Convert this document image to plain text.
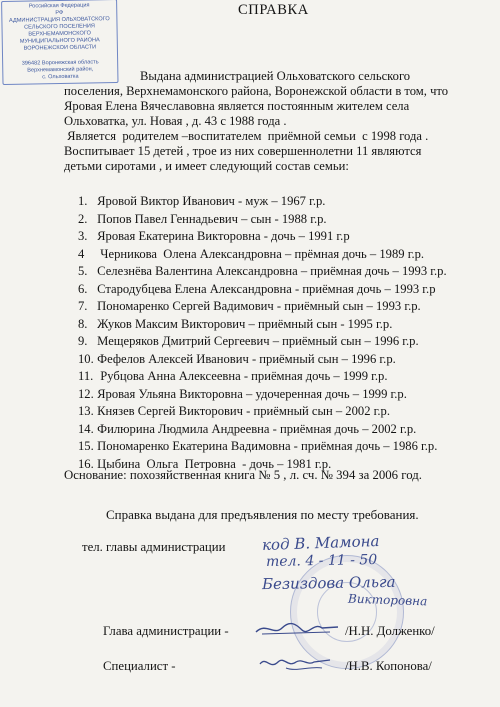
Российская Федерация
РФ
АДМИНИСТРАЦИЯ ОЛЬХОВАТСКОГО
СЕЛЬСКОГО ПОСЕЛЕНИЯ
ВЕРХНЕМАМОНСКОГО
МУНИЦИПАЛЬНОГО РАЙОНА
ВОРОНЕЖСКОЙ ОБЛАСТИ
396482 Воронежская область
Верхнемамонский район,
с. Ольховатка
СПРАВКА

Выдана администрацией Ольховатского сельского

поселения, Верхнемамонского района, Воронежской области в том, что

Яровая Елена Вячеславовна является постоянным жителем села

Ольховатка, ул. Новая , д. 43 с 1988 года .

Является  родителем –воспитателем  приёмной семьи  с 1998 года .

Воспитывает 15 детей , трое из них совершеннолетни 11 являются

детьми сиротами , и имеет следующий состав семьи:

1. Яровой Виктор Иванович - муж – 1967 г.р.
2. Попов Павел Геннадьевич – сын - 1988 г.р.
3. Яровая Екатерина Викторовна - дочь – 1991 г.р
4  Черникова  Олена Александровна – прёмная дочь – 1989 г.р.
5. Селезнёва Валентина Александровна – приёмная дочь – 1993 г.р.
6. Стародубцева Елена Александровна - приёмная дочь – 1993 г.р
7. Пономаренко Сергей Вадимович - приёмный сын – 1993 г.р.
8. Жуков Максим Викторович – приёмный сын - 1995 г.р.
9. Мещеряков Дмитрий Сергеевич – приёмный сын – 1996 г.р.
10. Фефелов Алексей Иванович - приёмный сын – 1996 г.р.
11.  Рубцова Анна Алексеевна - приёмная дочь – 1999 г.р.
12. Яровая Ульяна Викторовна – удочеренная дочь – 1999 г.р.
13. Князев Сергей Викторович - приёмный сын – 2002 г.р.
14. Филюрина Людмила Андреевна - приёмная дочь – 2002 г.р.
15. Пономаренко Екатерина Вадимовна - приёмная дочь – 1986 г.р.
16. Цыбина  Ольга  Петровна  - дочь – 1981 г.р.
Основание: похозяйственная книга № 5 , л. сч. № 394 за 2006 год.
Справка выдана для предъявления по месту требования.
тел. главы администрации код В. Мамона
тел. 4 - 11 - 50
Безиздова Ольга
Викторовна
Глава администрации -	/Н.Н. Долженко/
Специалист -	/Н.В. Копонова/
